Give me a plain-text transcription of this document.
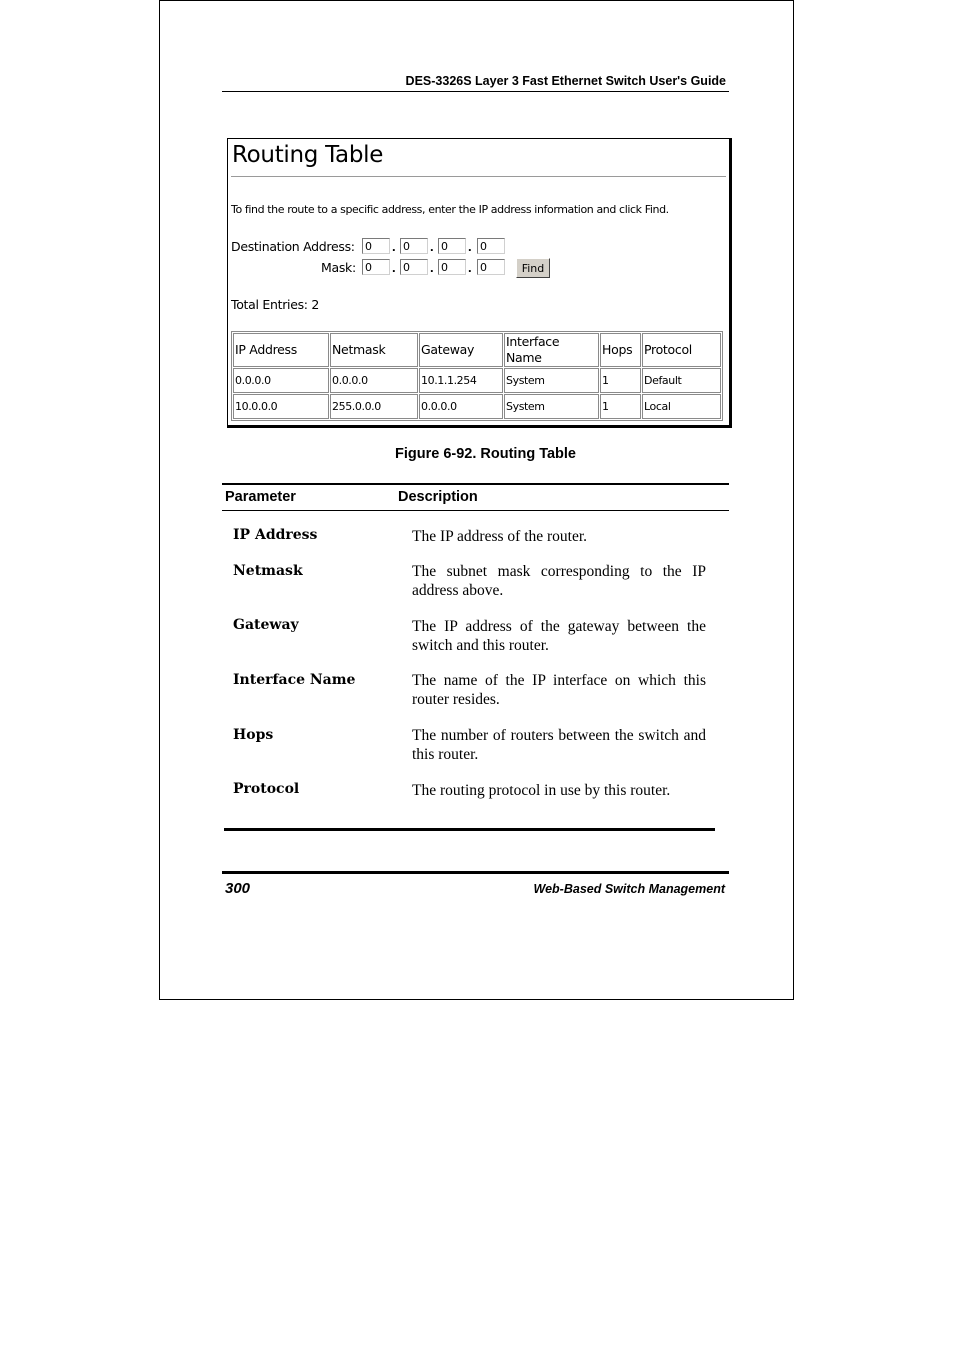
DES-3326S Layer 3 Fast Ethernet Switch User's Guide
Routing Table
To find the route to a specific address, enter the IP address information and click Find.
Destination Address:
0	.
0	.
0	.
0
Mask:
0	.
0	.
0	.
0	Find
Total Entries: 2
IP Address	Netmask	Gateway	Interface Name	Hops	Protocol
0.0.0.0	0.0.0.0	10.1.1.254	System	1	Default
10.0.0.0	255.0.0.0	0.0.0.0	System	1	Local
Figure 6-92. Routing Table
Parameter	Description
IP Address	The IP address of the router.
Netmask	The subnet mask corresponding to the IP address above.
Gateway	The IP address of the gateway between the switch and this router.
Interface Name	The name of the IP interface on which this router resides.
Hops	The number of routers between the switch and this router.
Protocol	The routing protocol in use by this router.
300	Web-Based Switch Management
